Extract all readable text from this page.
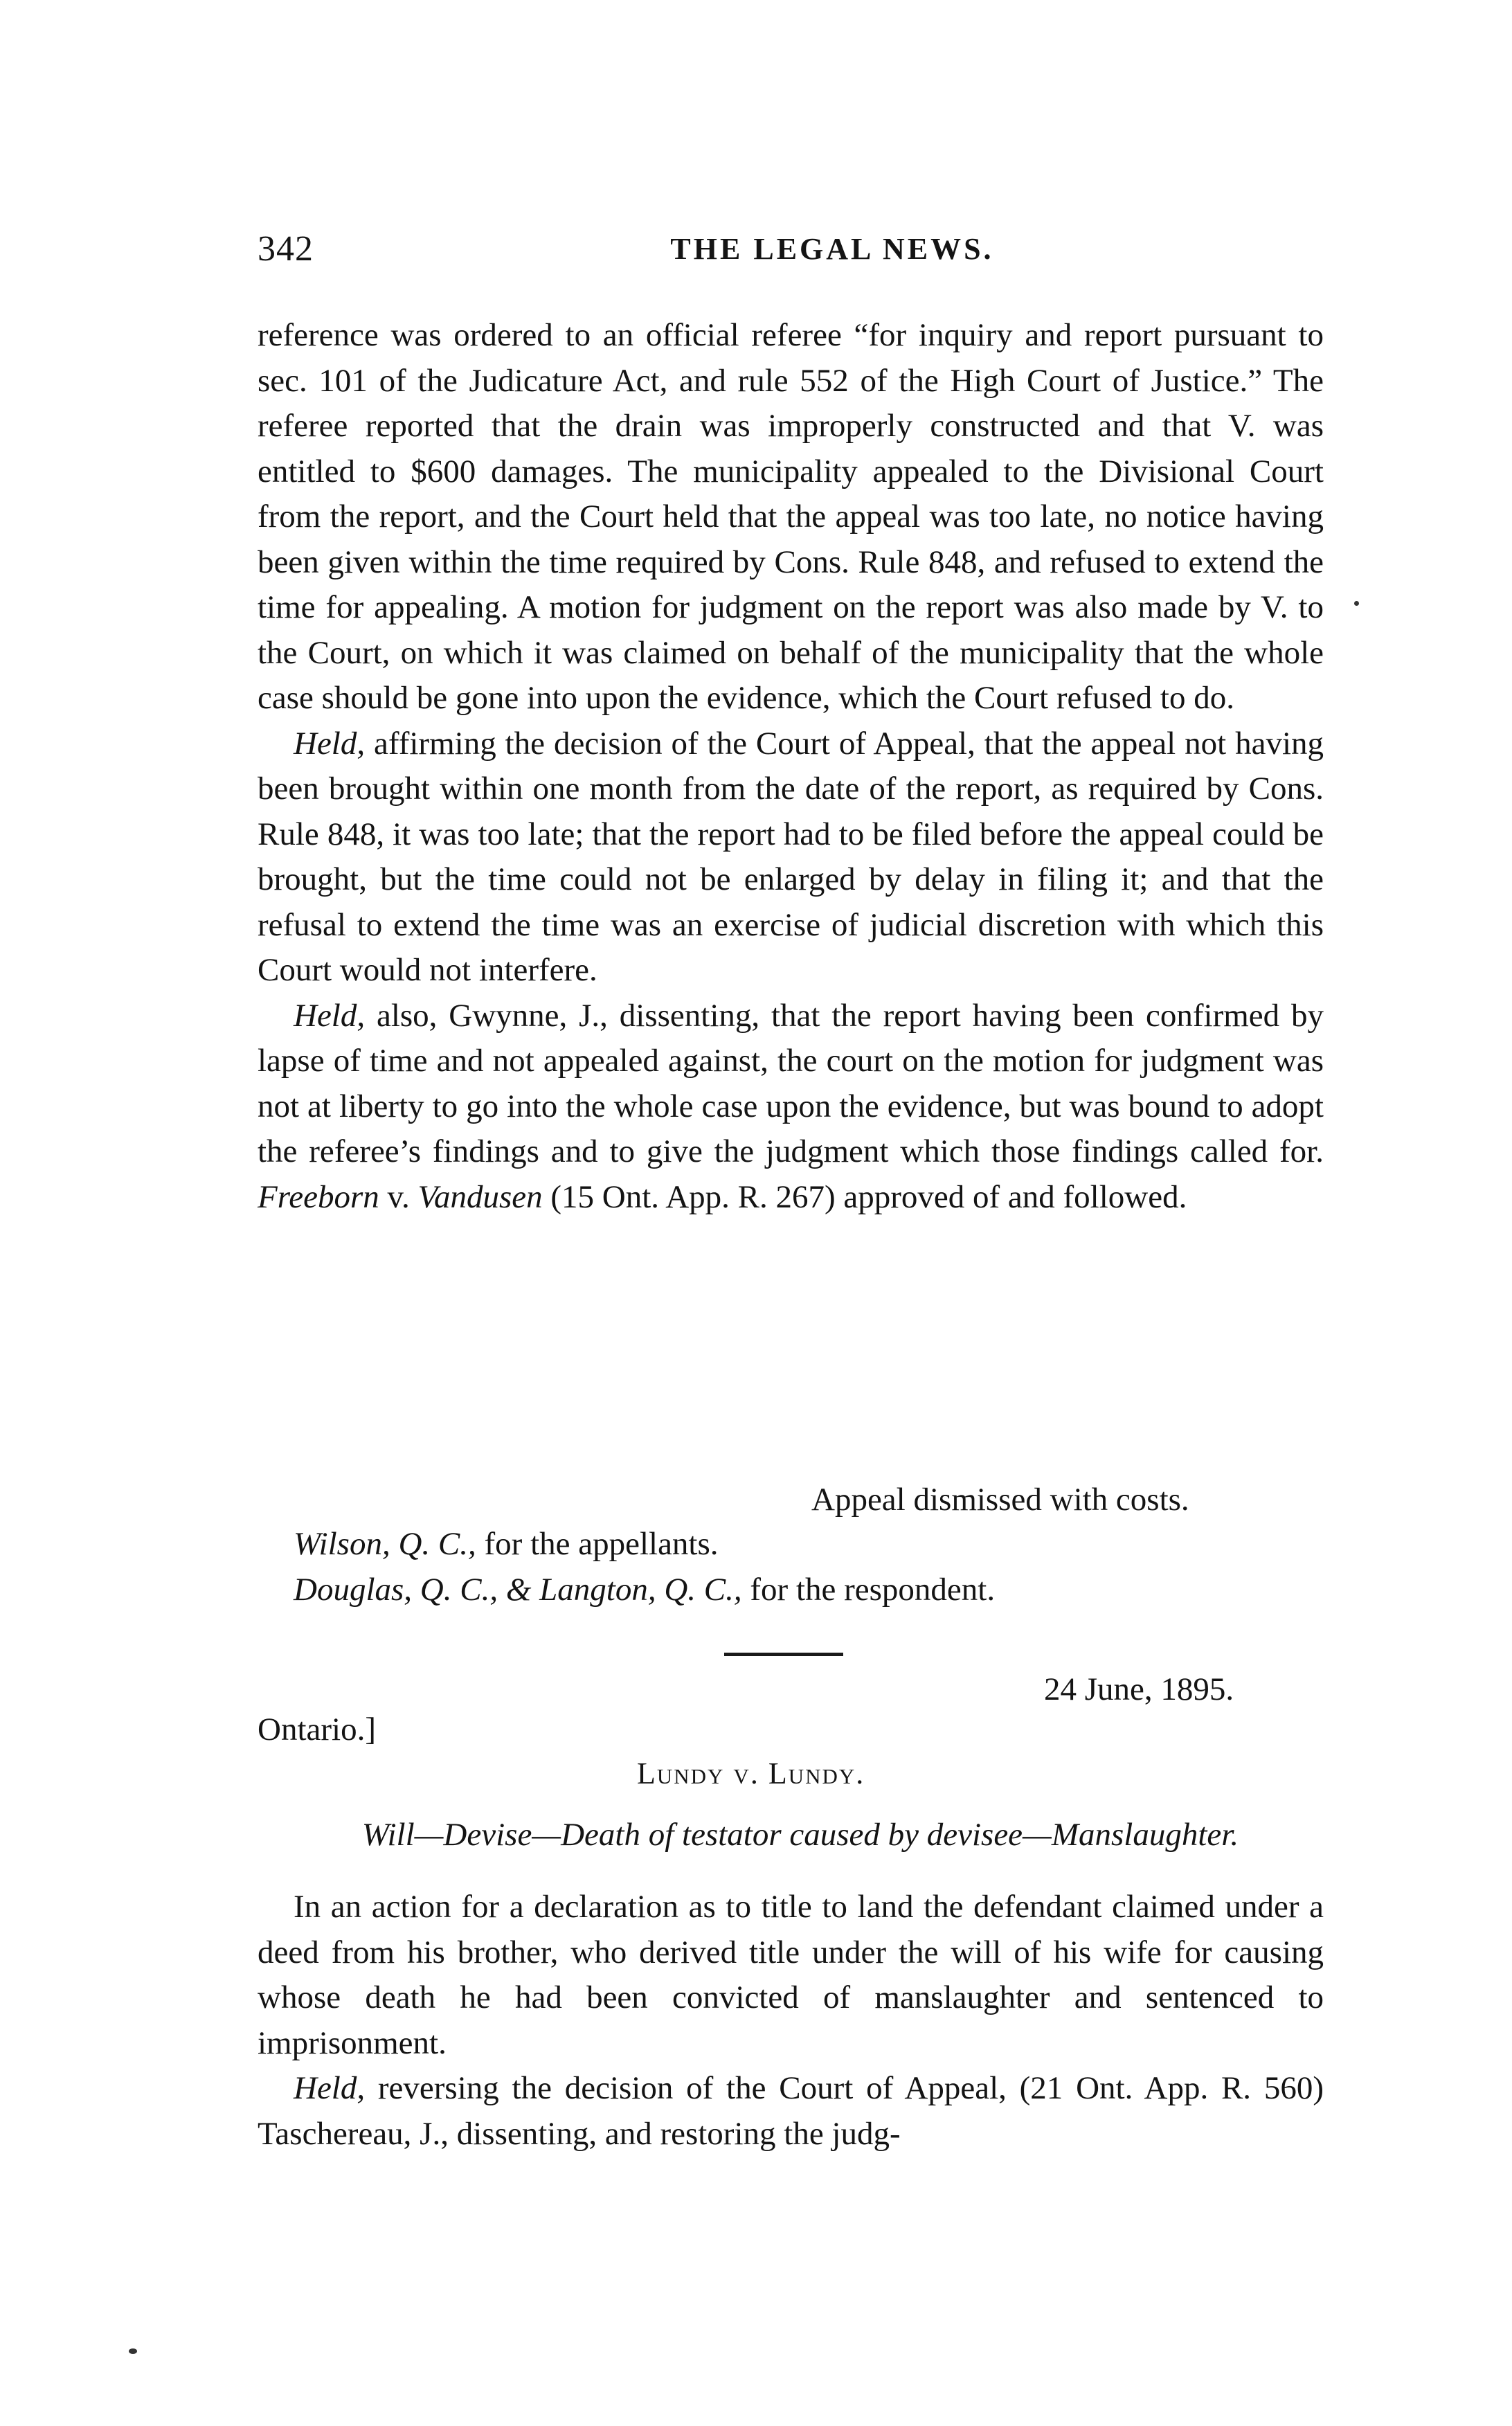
342	THE LEGAL NEWS.

reference was ordered to an official referee “for inquiry and report pursuant to sec. 101 of the Judicature Act, and rule 552 of the High Court of Justice.” The referee reported that the drain was improperly constructed and that V. was entitled to $600 damages. The municipality appealed to the Divisional Court from the report, and the Court held that the appeal was too late, no notice having been given within the time required by Cons. Rule 848, and refused to extend the time for appealing. A motion for judgment on the report was also made by V. to the Court, on which it was claimed on behalf of the municipality that the whole case should be gone into upon the evidence, which the Court refused to do.

Held, affirming the decision of the Court of Appeal, that the appeal not having been brought within one month from the date of the report, as required by Cons. Rule 848, it was too late; that the report had to be filed before the appeal could be brought, but the time could not be enlarged by delay in filing it; and that the refusal to extend the time was an exercise of judicial discretion with which this Court would not interfere.

Held, also, Gwynne, J., dissenting, that the report having been confirmed by lapse of time and not appealed against, the court on the motion for judgment was not at liberty to go into the whole case upon the evidence, but was bound to adopt the referee’s findings and to give the judgment which those findings called for. Freeborn v. Vandusen (15 Ont. App. R. 267) approved of and followed.

Appeal dismissed with costs.
Wilson, Q. C., for the appellants.
Douglas, Q. C., & Langton, Q. C., for the respondent.
24 June, 1895.
Ontario.]
Lundy v. Lundy.
Will—Devise—Death of testator caused by devisee—Manslaughter.

In an action for a declaration as to title to land the defendant claimed under a deed from his brother, who derived title under the will of his wife for causing whose death he had been convicted of manslaughter and sentenced to imprisonment.

Held, reversing the decision of the Court of Appeal, (21 Ont. App. R. 560) Taschereau, J., dissenting, and restoring the judg-
